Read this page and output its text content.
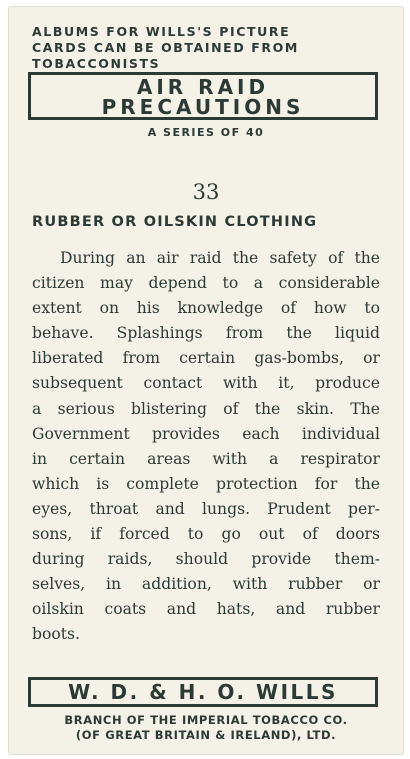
ALBUMS FOR WILLS'S PICTURE
CARDS CAN BE OBTAINED FROM
TOBACCONISTS
AIR RAID
PRECAUTIONS
A SERIES OF 40
33
RUBBER OR OILSKIN CLOTHING
During an air raid the safety of the
citizen may depend to a considerable
extent on his knowledge of how to
behave. Splashings from the liquid
liberated from certain gas-bombs, or
subsequent contact with it, produce
a serious blistering of the skin. The
Government provides each individual
in certain areas with a respirator
which is complete protection for the
eyes, throat and lungs. Prudent per-
sons, if forced to go out of doors
during raids, should provide them-
selves, in addition, with rubber or
oilskin coats and hats, and rubber
boots.
W. D. & H. O. WILLS
BRANCH OF THE IMPERIAL TOBACCO CO.
(OF GREAT BRITAIN & IRELAND), LTD.
